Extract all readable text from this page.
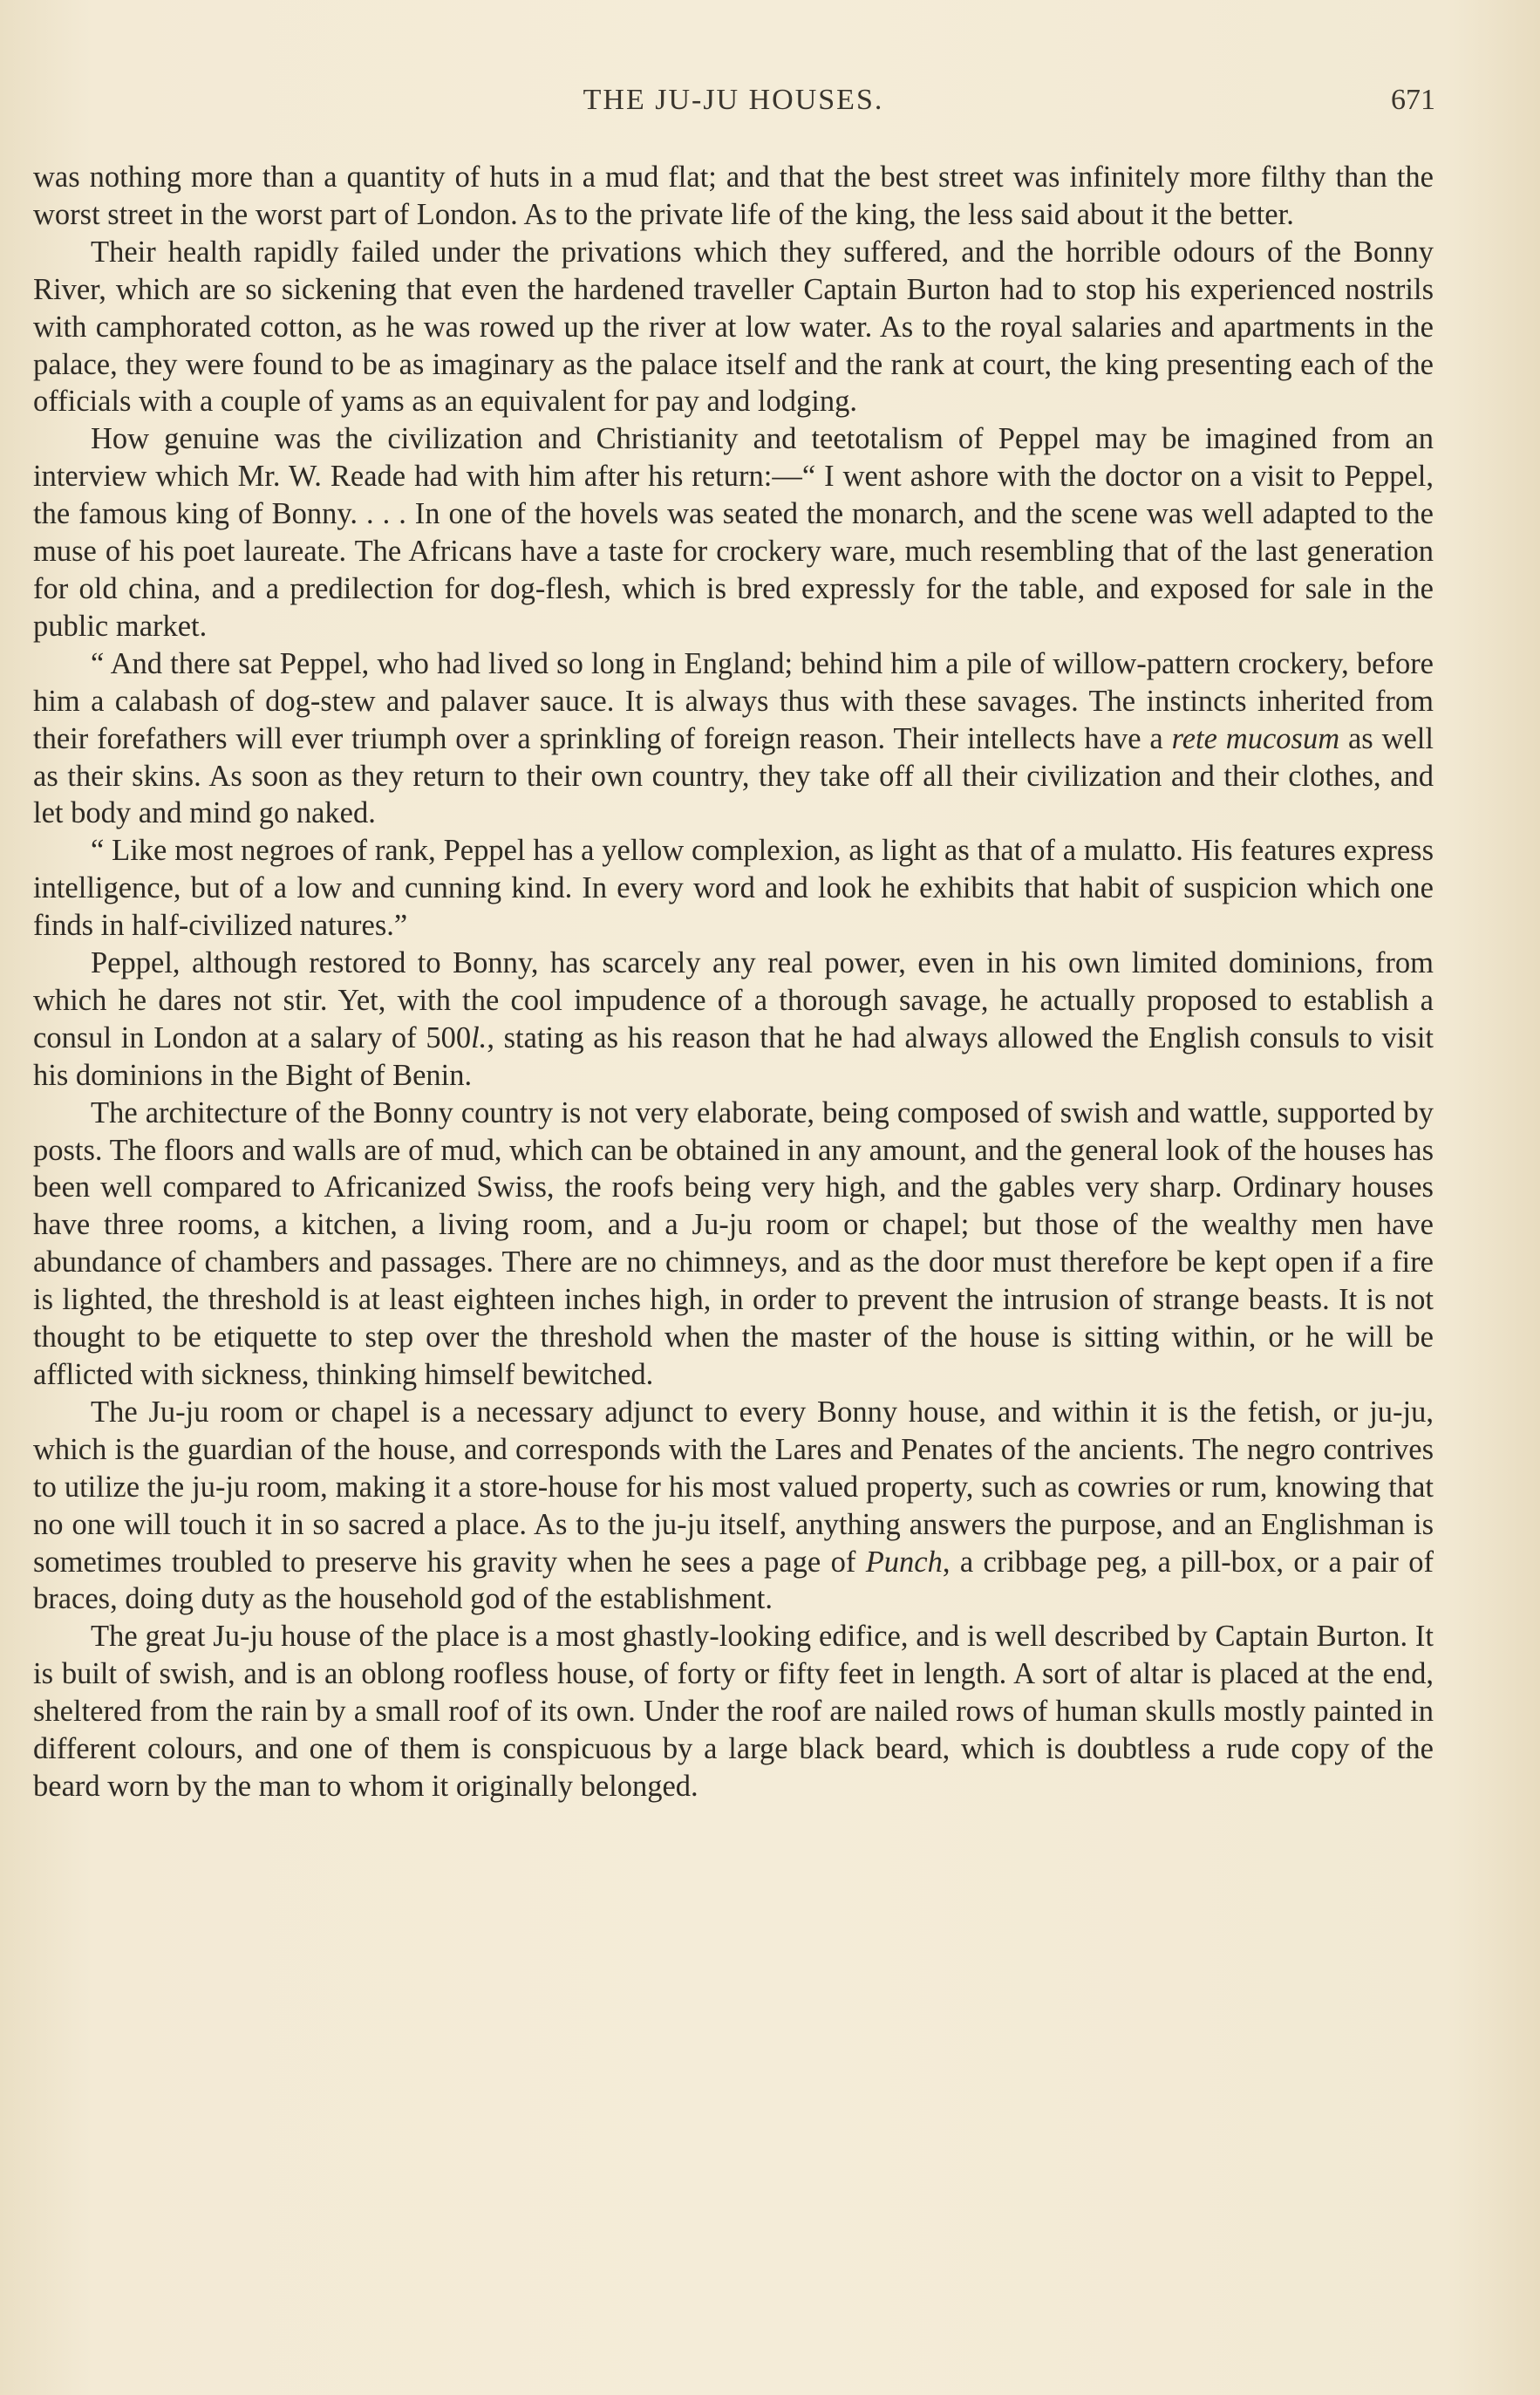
THE JU-JU HOUSES.	671

was nothing more than a quantity of huts in a mud flat; and that the best street was infinitely more filthy than the worst street in the worst part of London. As to the private life of the king, the less said about it the better.

Their health rapidly failed under the privations which they suffered, and the horrible odours of the Bonny River, which are so sickening that even the hardened traveller Captain Burton had to stop his experienced nostrils with camphorated cotton, as he was rowed up the river at low water. As to the royal salaries and apartments in the palace, they were found to be as imaginary as the palace itself and the rank at court, the king presenting each of the officials with a couple of yams as an equivalent for pay and lodging.

How genuine was the civilization and Christianity and teetotalism of Peppel may be imagined from an interview which Mr. W. Reade had with him after his return:—“ I went ashore with the doctor on a visit to Peppel, the famous king of Bonny. . . . In one of the hovels was seated the monarch, and the scene was well adapted to the muse of his poet laureate. The Africans have a taste for crockery ware, much resembling that of the last generation for old china, and a predilection for dog-flesh, which is bred expressly for the table, and exposed for sale in the public market.

“ And there sat Peppel, who had lived so long in England; behind him a pile of willow-pattern crockery, before him a calabash of dog-stew and palaver sauce. It is always thus with these savages. The instincts inherited from their forefathers will ever triumph over a sprinkling of foreign reason. Their intellects have a rete mucosum as well as their skins. As soon as they return to their own country, they take off all their civilization and their clothes, and let body and mind go naked.

“ Like most negroes of rank, Peppel has a yellow complexion, as light as that of a mulatto. His features express intelligence, but of a low and cunning kind. In every word and look he exhibits that habit of suspicion which one finds in half-civilized natures.”

Peppel, although restored to Bonny, has scarcely any real power, even in his own limited dominions, from which he dares not stir. Yet, with the cool impudence of a thorough savage, he actually proposed to establish a consul in London at a salary of 500l., stating as his reason that he had always allowed the English consuls to visit his dominions in the Bight of Benin.

The architecture of the Bonny country is not very elaborate, being composed of swish and wattle, supported by posts. The floors and walls are of mud, which can be obtained in any amount, and the general look of the houses has been well compared to Africanized Swiss, the roofs being very high, and the gables very sharp. Ordinary houses have three rooms, a kitchen, a living room, and a Ju-ju room or chapel; but those of the wealthy men have abundance of chambers and passages. There are no chimneys, and as the door must therefore be kept open if a fire is lighted, the threshold is at least eighteen inches high, in order to prevent the intrusion of strange beasts. It is not thought to be etiquette to step over the threshold when the master of the house is sitting within, or he will be afflicted with sickness, thinking himself bewitched.

The Ju-ju room or chapel is a necessary adjunct to every Bonny house, and within it is the fetish, or ju-ju, which is the guardian of the house, and corresponds with the Lares and Penates of the ancients. The negro contrives to utilize the ju-ju room, making it a store-house for his most valued property, such as cowries or rum, knowing that no one will touch it in so sacred a place. As to the ju-ju itself, anything answers the purpose, and an Englishman is sometimes troubled to preserve his gravity when he sees a page of Punch, a cribbage peg, a pill-box, or a pair of braces, doing duty as the household god of the establishment.

The great Ju-ju house of the place is a most ghastly-looking edifice, and is well described by Captain Burton. It is built of swish, and is an oblong roofless house, of forty or fifty feet in length. A sort of altar is placed at the end, sheltered from the rain by a small roof of its own. Under the roof are nailed rows of human skulls mostly painted in different colours, and one of them is conspicuous by a large black beard, which is doubtless a rude copy of the beard worn by the man to whom it originally belonged.
